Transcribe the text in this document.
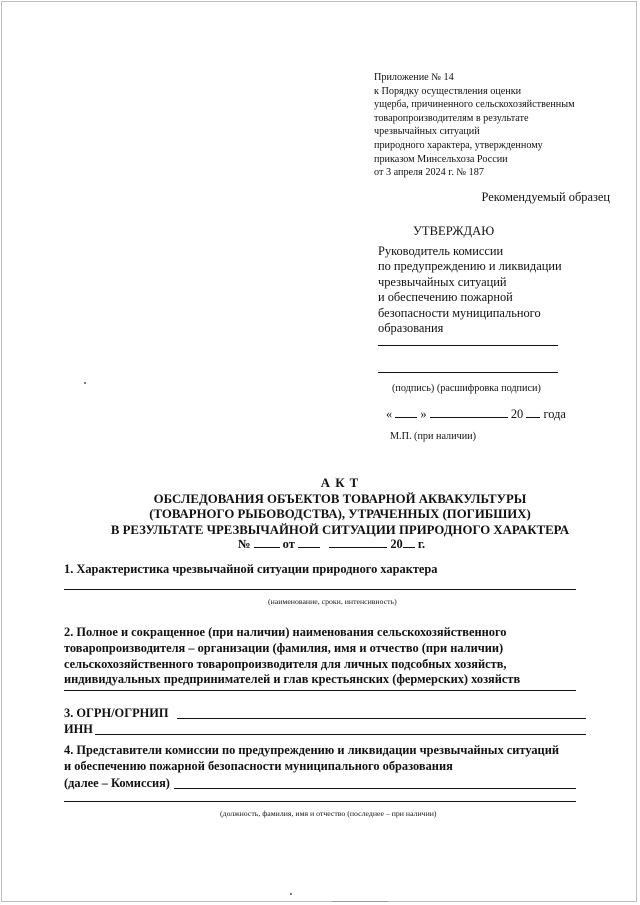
Приложение № 14
к Порядку осуществления оценки
ущерба, причиненного сельскохозяйственным
товаропроизводителям в результате
чрезвычайных ситуаций
природного характера, утвержденному
приказом Минсельхоза России
от 3 апреля 2024 г. № 187
Рекомендуемый образец
УТВЕРЖДАЮ
Руководитель комиссии
по предупреждению и ликвидации
чрезвычайных ситуаций
и обеспечению пожарной
безопасности муниципального
образования
(подпись) (расшифровка подписи)
« »	20 года
М.П. (при наличии)
А К Т
ОБСЛЕДОВАНИЯ ОБЪЕКТОВ ТОВАРНОЙ АКВАКУЛЬТУРЫ
(ТОВАРНОГО РЫБОВОДСТВА), УТРАЧЕННЫХ (ПОГИБШИХ)
В РЕЗУЛЬТАТЕ ЧРЕЗВЫЧАЙНОЙ СИТУАЦИИ ПРИРОДНОГО ХАРАКТЕРА
№	от	20 г.
1. Характеристика чрезвычайной ситуации природного характера
(наименование, сроки, интенсивность)
2. Полное и сокращенное (при наличии) наименования сельскохозяйственного
товаропроизводителя – организации (фамилия, имя и отчество (при наличии)
сельскохозяйственного товаропроизводителя для личных подсобных хозяйств,
индивидуальных предпринимателей и глав крестьянских (фермерских) хозяйств
3. ОГРН/ОГРНИП
ИНН
4. Представители комиссии по предупреждению и ликвидации чрезвычайных ситуаций
и обеспечению пожарной безопасности муниципального образования
(далее – Комиссия)
(должность, фамилия, имя и отчество (последнее – при наличии)
